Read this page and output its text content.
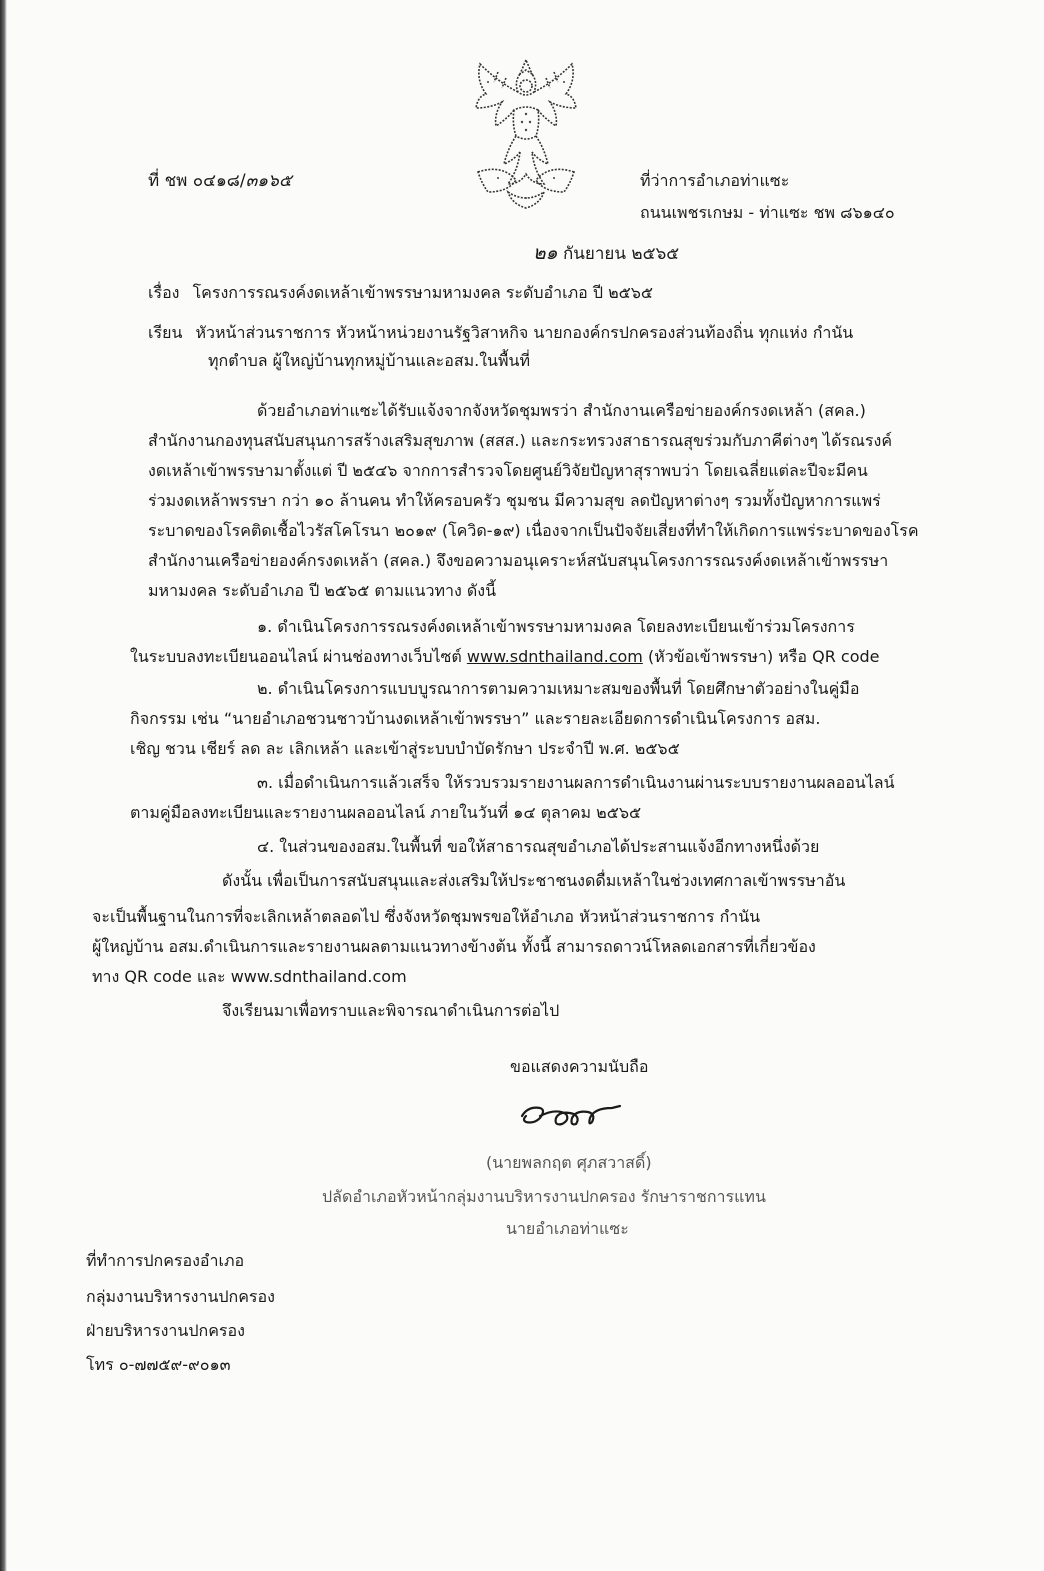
ที่ ชพ ๐๔๑๘/๓๑๖๕	ที่ว่าการอำเภอท่าแซะ
ถนนเพชรเกษม - ท่าแซะ ชพ ๘๖๑๔๐
๒๑ กันยายน ๒๕๖๕
เรื่อง โครงการรณรงค์งดเหล้าเข้าพรรษามหามงคล ระดับอำเภอ ปี ๒๕๖๕
เรียน หัวหน้าส่วนราชการ หัวหน้าหน่วยงานรัฐวิสาหกิจ นายกองค์กรปกครองส่วนท้องถิ่น ทุกแห่ง กำนัน
ทุกตำบล ผู้ใหญ่บ้านทุกหมู่บ้านและอสม.ในพื้นที่
ด้วยอำเภอท่าแซะได้รับแจ้งจากจังหวัดชุมพรว่า สำนักงานเครือข่ายองค์กรงดเหล้า (สคล.)
สำนักงานกองทุนสนับสนุนการสร้างเสริมสุขภาพ (สสส.) และกระทรวงสาธารณสุขร่วมกับภาคีต่างๆ ได้รณรงค์
งดเหล้าเข้าพรรษามาตั้งแต่ ปี ๒๕๔๖ จากการสำรวจโดยศูนย์วิจัยปัญหาสุราพบว่า โดยเฉลี่ยแต่ละปีจะมีคน
ร่วมงดเหล้าพรรษา กว่า ๑๐ ล้านคน ทำให้ครอบครัว ชุมชน มีความสุข ลดปัญหาต่างๆ รวมทั้งปัญหาการแพร่
ระบาดของโรคติดเชื้อไวรัสโคโรนา ๒๐๑๙ (โควิด-๑๙) เนื่องจากเป็นปัจจัยเสี่ยงที่ทำให้เกิดการแพร่ระบาดของโรค
สำนักงานเครือข่ายองค์กรงดเหล้า (สคล.) จึงขอความอนุเคราะห์สนับสนุนโครงการรณรงค์งดเหล้าเข้าพรรษา
มหามงคล ระดับอำเภอ ปี ๒๕๖๕ ตามแนวทาง ดังนี้
๑. ดำเนินโครงการรณรงค์งดเหล้าเข้าพรรษามหามงคล โดยลงทะเบียนเข้าร่วมโครงการ
ในระบบลงทะเบียนออนไลน์ ผ่านช่องทางเว็บไซต์ www.sdnthailand.com (หัวข้อเข้าพรรษา) หรือ QR code
๒. ดำเนินโครงการแบบบูรณาการตามความเหมาะสมของพื้นที่ โดยศึกษาตัวอย่างในคู่มือ
กิจกรรม เช่น “นายอำเภอชวนชาวบ้านงดเหล้าเข้าพรรษา” และรายละเอียดการดำเนินโครงการ อสม.
เชิญ ชวน เชียร์ ลด ละ เลิกเหล้า และเข้าสู่ระบบบำบัดรักษา ประจำปี พ.ศ. ๒๕๖๕
๓. เมื่อดำเนินการแล้วเสร็จ ให้รวบรวมรายงานผลการดำเนินงานผ่านระบบรายงานผลออนไลน์
ตามคู่มือลงทะเบียนและรายงานผลออนไลน์ ภายในวันที่ ๑๔ ตุลาคม ๒๕๖๕
๔. ในส่วนของอสม.ในพื้นที่ ขอให้สาธารณสุขอำเภอได้ประสานแจ้งอีกทางหนึ่งด้วย
ดังนั้น เพื่อเป็นการสนับสนุนและส่งเสริมให้ประชาชนงดดื่มเหล้าในช่วงเทศกาลเข้าพรรษาอัน
จะเป็นพื้นฐานในการที่จะเลิกเหล้าตลอดไป ซึ่งจังหวัดชุมพรขอให้อำเภอ หัวหน้าส่วนราชการ กำนัน
ผู้ใหญ่บ้าน อสม.ดำเนินการและรายงานผลตามแนวทางข้างต้น ทั้งนี้ สามารถดาวน์โหลดเอกสารที่เกี่ยวข้อง
ทาง QR code และ www.sdnthailand.com
จึงเรียนมาเพื่อทราบและพิจารณาดำเนินการต่อไป
ขอแสดงความนับถือ
(นายพลกฤต ศุภสวาสดิ์)
ปลัดอำเภอหัวหน้ากลุ่มงานบริหารงานปกครอง รักษาราชการแทน
นายอำเภอท่าแซะ
ที่ทำการปกครองอำเภอ
กลุ่มงานบริหารงานปกครอง
ฝ่ายบริหารงานปกครอง
โทร ๐-๗๗๕๙-๙๐๑๓
